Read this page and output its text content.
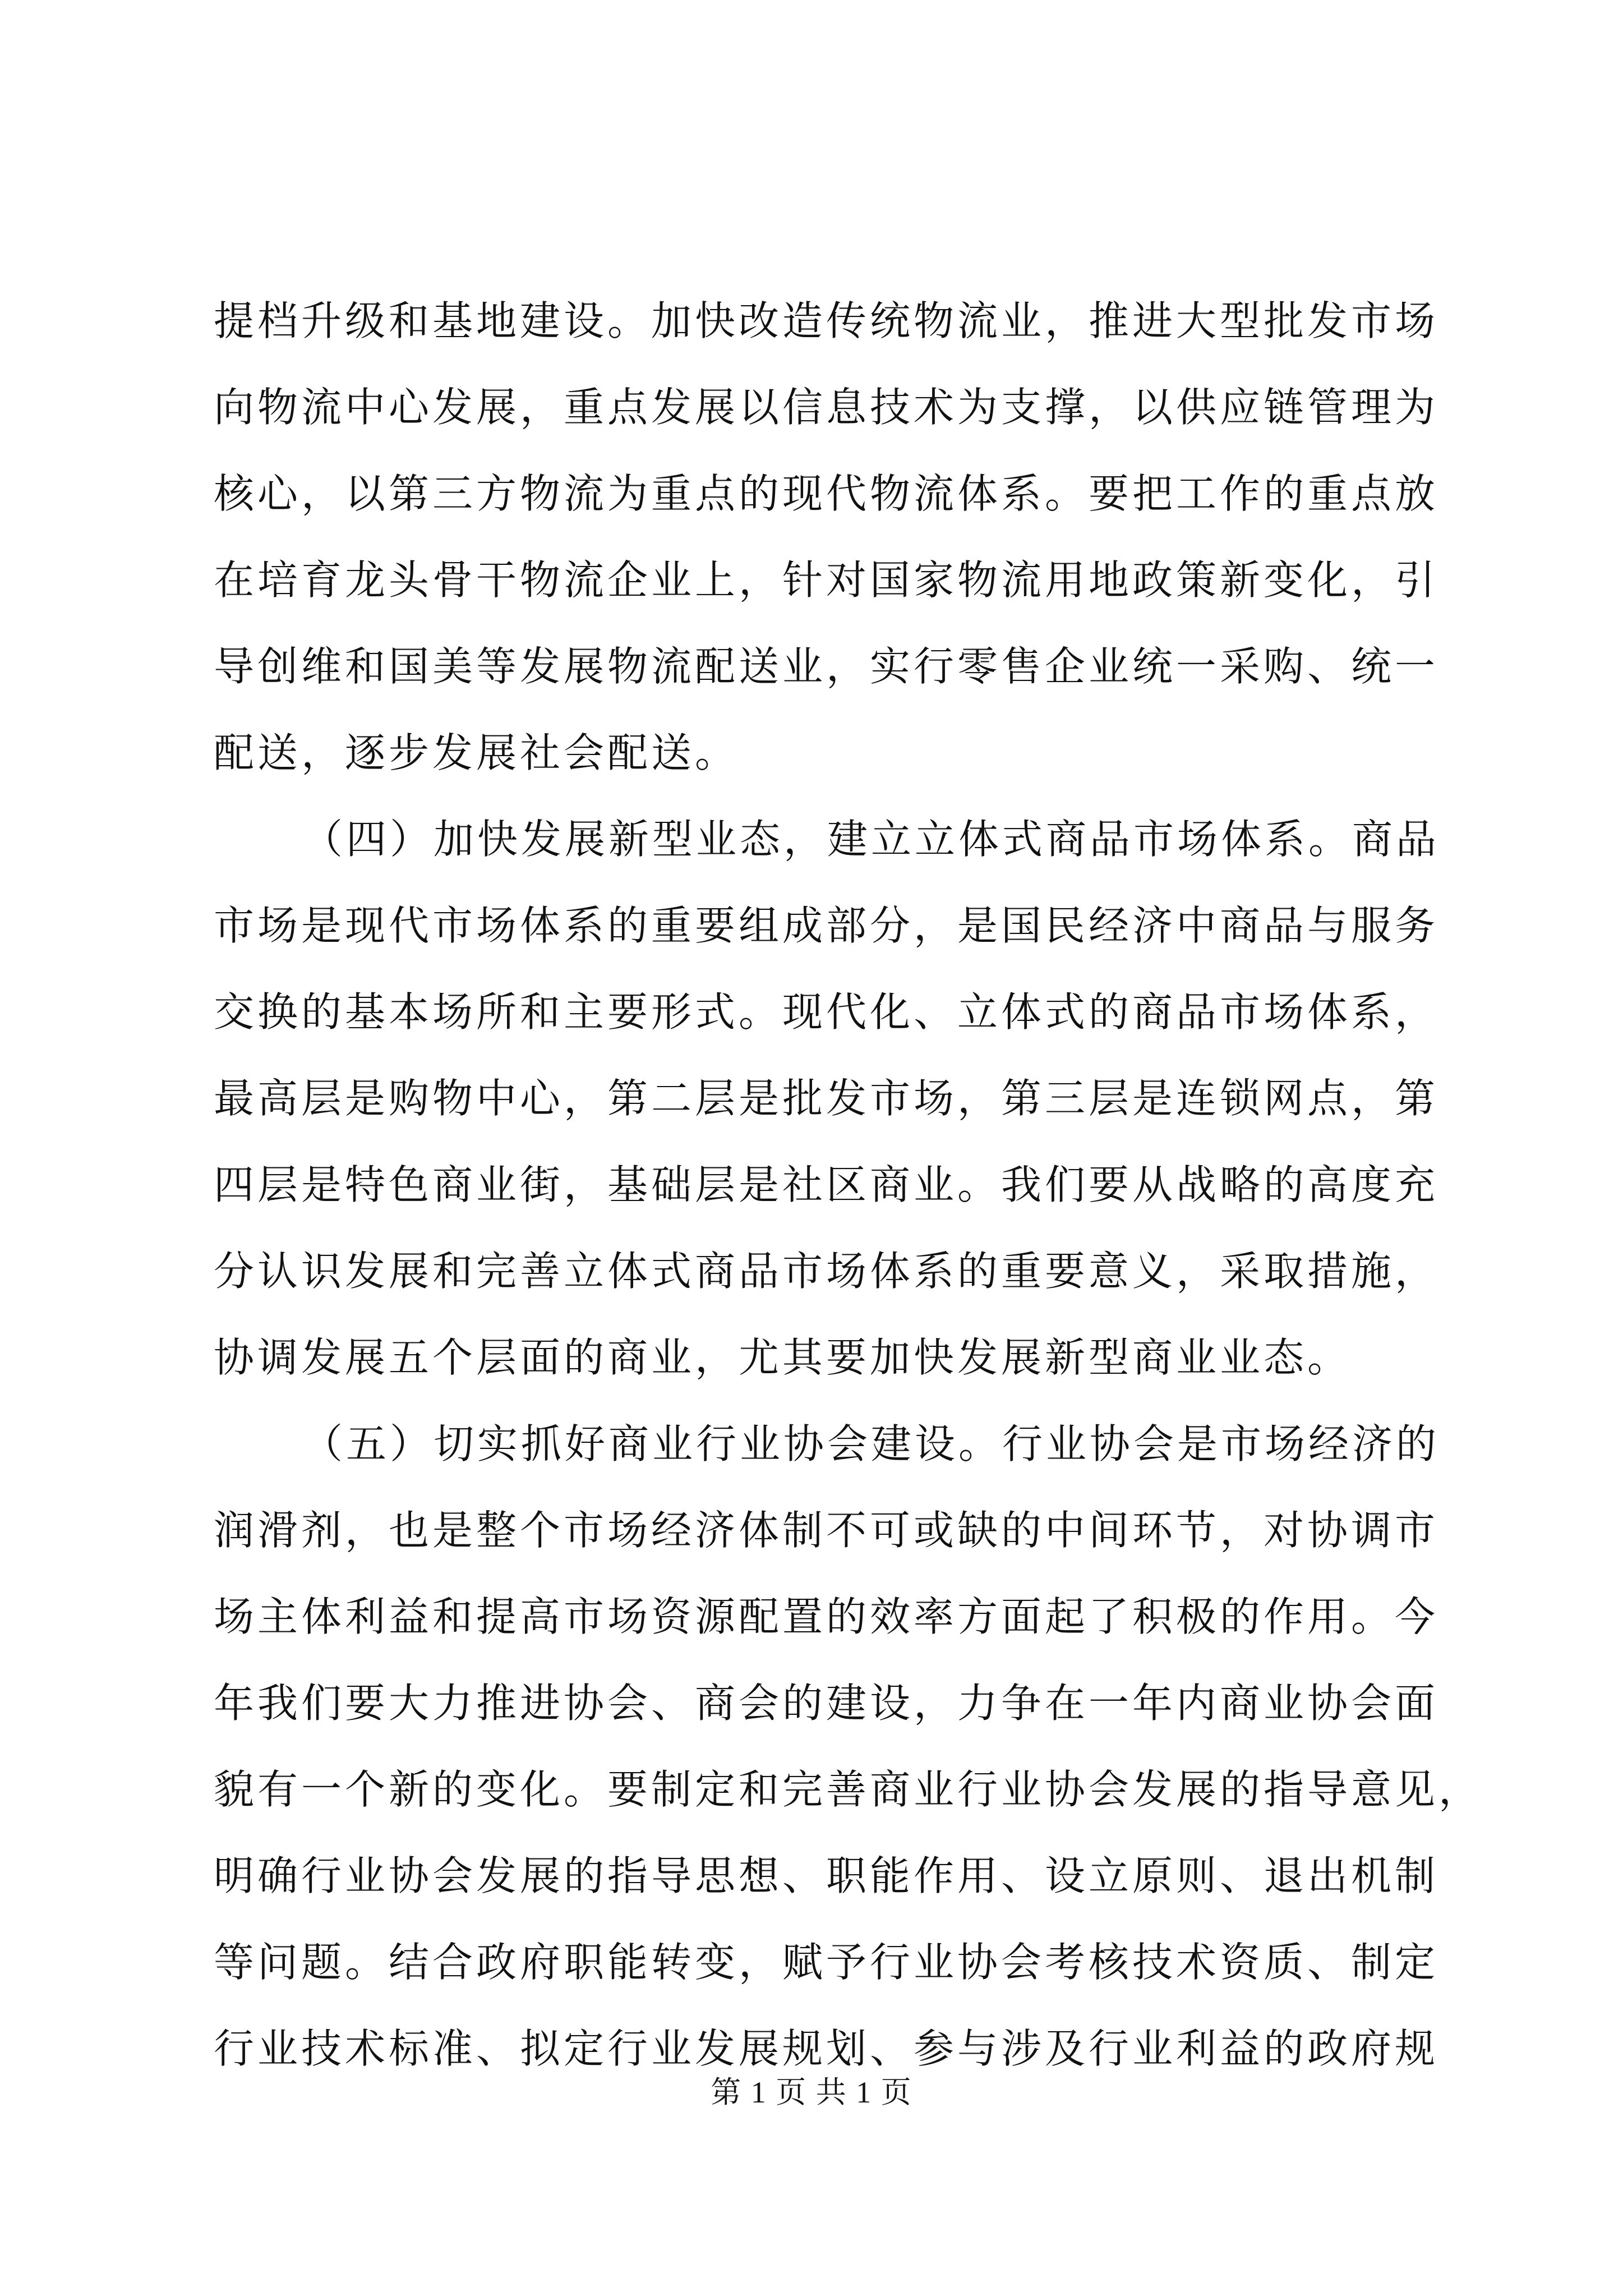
提档升级和基地建设。加快改造传统物流业，推进大型批发市场
向物流中心发展，重点发展以信息技术为支撑，以供应链管理为
核心，以第三方物流为重点的现代物流体系。要把工作的重点放
在培育龙头骨干物流企业上，针对国家物流用地政策新变化，引
导创维和国美等发展物流配送业，实行零售企业统一采购、统一
配送，逐步发展社会配送。
（四）加快发展新型业态，建立立体式商品市场体系。商品
市场是现代市场体系的重要组成部分，是国民经济中商品与服务
交换的基本场所和主要形式。现代化、立体式的商品市场体系，
最高层是购物中心，第二层是批发市场，第三层是连锁网点，第
四层是特色商业街，基础层是社区商业。我们要从战略的高度充
分认识发展和完善立体式商品市场体系的重要意义，采取措施，
协调发展五个层面的商业，尤其要加快发展新型商业业态。
（五）切实抓好商业行业协会建设。行业协会是市场经济的
润滑剂，也是整个市场经济体制不可或缺的中间环节，对协调市
场主体利益和提高市场资源配置的效率方面起了积极的作用。今
年我们要大力推进协会、商会的建设，力争在一年内商业协会面
貌有一个新的变化。要制定和完善商业行业协会发展的指导意见，
明确行业协会发展的指导思想、职能作用、设立原则、退出机制
等问题。结合政府职能转变，赋予行业协会考核技术资质、制定
行业技术标准、拟定行业发展规划、参与涉及行业利益的政府规
第 1 页 共 1 页
